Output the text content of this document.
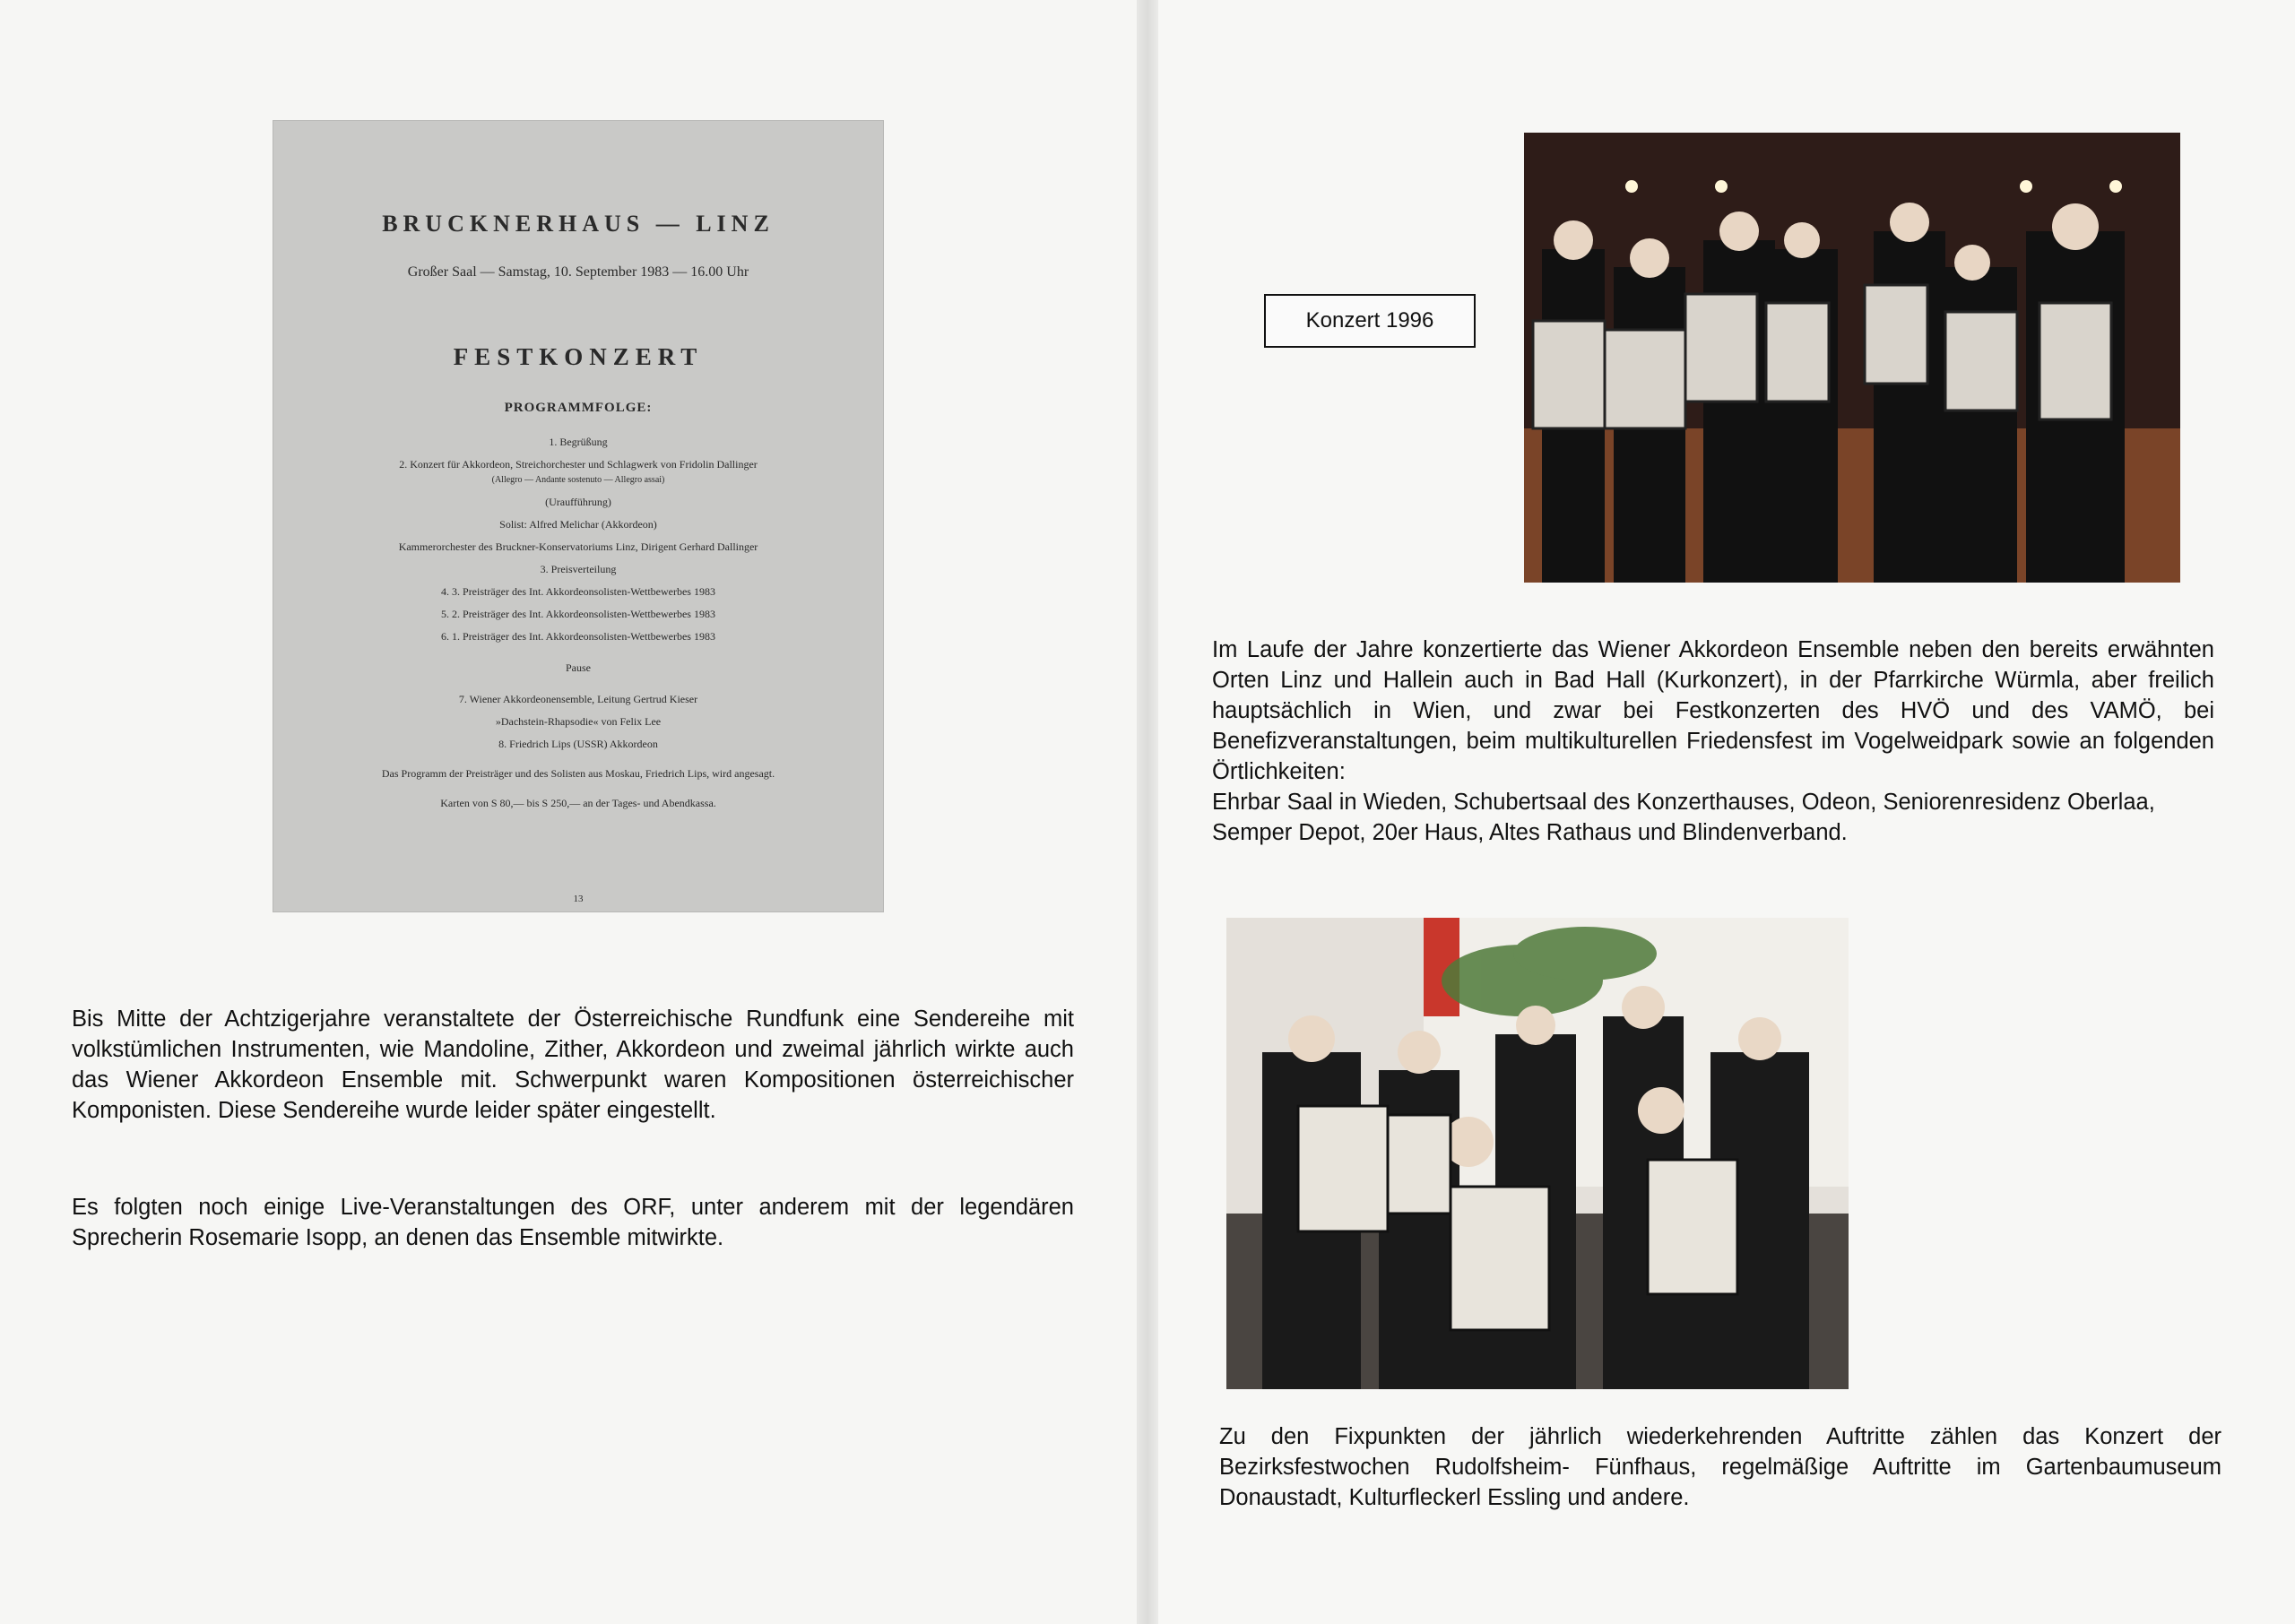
BRUCKNERHAUS — LINZ
Großer Saal — Samstag, 10. September 1983 — 16.00 Uhr
FESTKONZERT
PROGRAMMFOLGE:
1. Begrüßung
2. Konzert für Akkordeon, Streichorchester und Schlagwerk von Fridolin Dallinger
(Allegro — Andante sostenuto — Allegro assai)
(Uraufführung)
Solist: Alfred Melichar (Akkordeon)
Kammerorchester des Bruckner-Konservatoriums Linz, Dirigent Gerhard Dallinger
3. Preisverteilung
4. 3. Preisträger des Int. Akkordeonsolisten-Wettbewerbes 1983
5. 2. Preisträger des Int. Akkordeonsolisten-Wettbewerbes 1983
6. 1. Preisträger des Int. Akkordeonsolisten-Wettbewerbes 1983
Pause
7. Wiener Akkordeonensemble, Leitung Gertrud Kieser
»Dachstein-Rhapsodie« von Felix Lee
8. Friedrich Lips (USSR) Akkordeon
Das Programm der Preisträger und des Solisten aus Moskau, Friedrich Lips, wird angesagt.
Karten von S 80,— bis S 250,— an der Tages- und Abendkassa.
13
Bis Mitte der Achtzigerjahre veranstaltete der Österreichische Rundfunk eine Sendereihe mit volkstümlichen Instrumenten, wie Mandoline, Zither, Akkordeon und zweimal jährlich wirkte auch das Wiener Akkordeon Ensemble mit. Schwerpunkt waren Kompositionen österreichischer Komponisten. Diese Sendereihe wurde leider später eingestellt.
Es folgten noch einige Live-Veranstaltungen des ORF, unter anderem mit der legendären Sprecherin Rosemarie Isopp, an denen das Ensemble mitwirkte.
Konzert 1996
Im Laufe der Jahre konzertierte das Wiener Akkordeon Ensemble neben den bereits erwähnten Orten Linz und Hallein auch in Bad Hall (Kurkonzert), in der Pfarrkirche Würmla, aber freilich hauptsächlich in Wien, und zwar bei Festkonzerten des HVÖ und des VAMÖ, bei Benefizveranstaltungen, beim multikulturellen Friedensfest im Vogelweidpark sowie an folgenden Örtlichkeiten:
Ehrbar Saal in Wieden, Schubertsaal des Konzerthauses, Odeon, Seniorenresidenz Oberlaa, Semper Depot, 20er Haus, Altes Rathaus und Blindenverband.
Zu den Fixpunkten der jährlich wiederkehrenden Auftritte zählen das Konzert der Bezirksfestwochen Rudolfsheim- Fünfhaus, regelmäßige Auftritte im Gartenbaumuseum Donaustadt, Kulturfleckerl Essling und andere.
